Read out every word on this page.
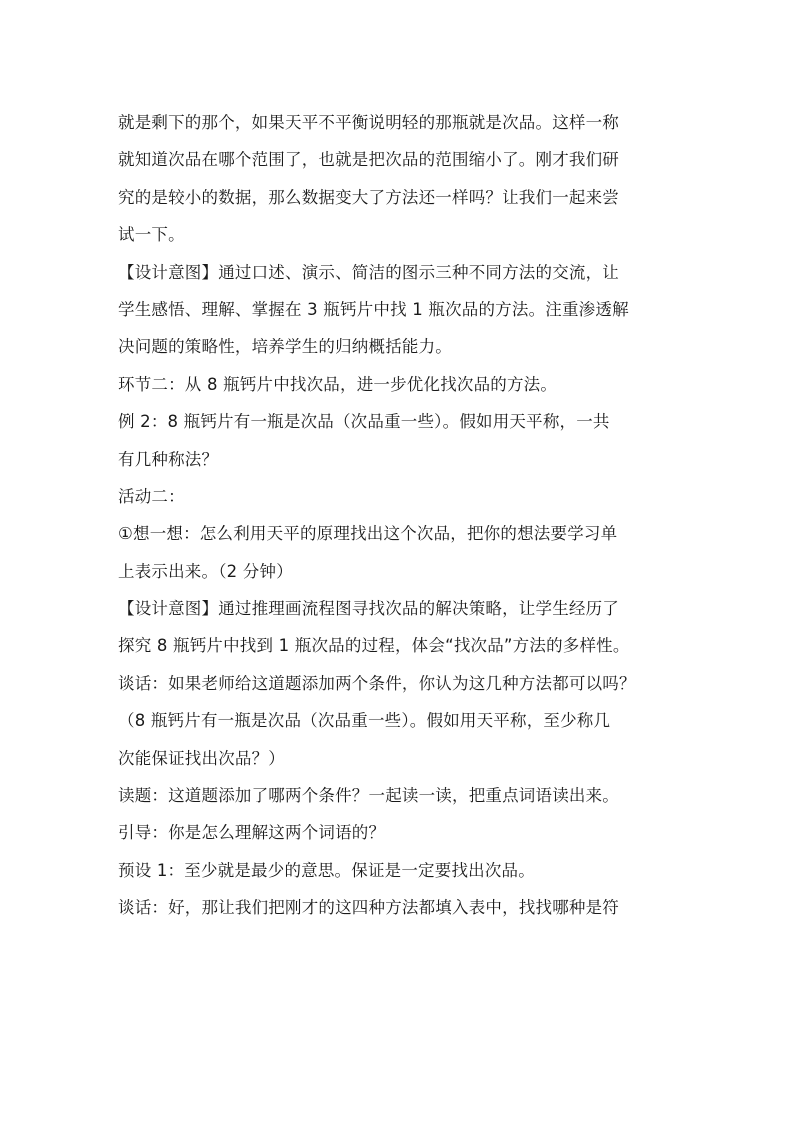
就是剩下的那个，如果天平不平衡说明轻的那瓶就是次品。这样一称
就知道次品在哪个范围了，也就是把次品的范围缩小了。刚才我们研
究的是较小的数据，那么数据变大了方法还一样吗？让我们一起来尝
试一下。
【设计意图】通过口述、演示、简洁的图示三种不同方法的交流，让
学生感悟、理解、掌握在 3 瓶钙片中找 1 瓶次品的方法。注重渗透解
决问题的策略性，培养学生的归纳概括能力。
环节二：从 8 瓶钙片中找次品，进一步优化找次品的方法。
例 2：8 瓶钙片有一瓶是次品（次品重一些）。假如用天平称，一共
有几种称法？
活动二：
①想一想：怎么利用天平的原理找出这个次品，把你的想法要学习单
上表示出来。（2 分钟）
【设计意图】通过推理画流程图寻找次品的解决策略，让学生经历了
探究 8 瓶钙片中找到 1 瓶次品的过程，体会“找次品”方法的多样性。
谈话：如果老师给这道题添加两个条件，你认为这几种方法都可以吗？
（8 瓶钙片有一瓶是次品（次品重一些）。假如用天平称，至少称几
次能保证找出次品？）
读题：这道题添加了哪两个条件？一起读一读，把重点词语读出来。
引导：你是怎么理解这两个词语的？
预设 1：至少就是最少的意思。保证是一定要找出次品。
谈话：好，那让我们把刚才的这四种方法都填入表中，找找哪种是符
